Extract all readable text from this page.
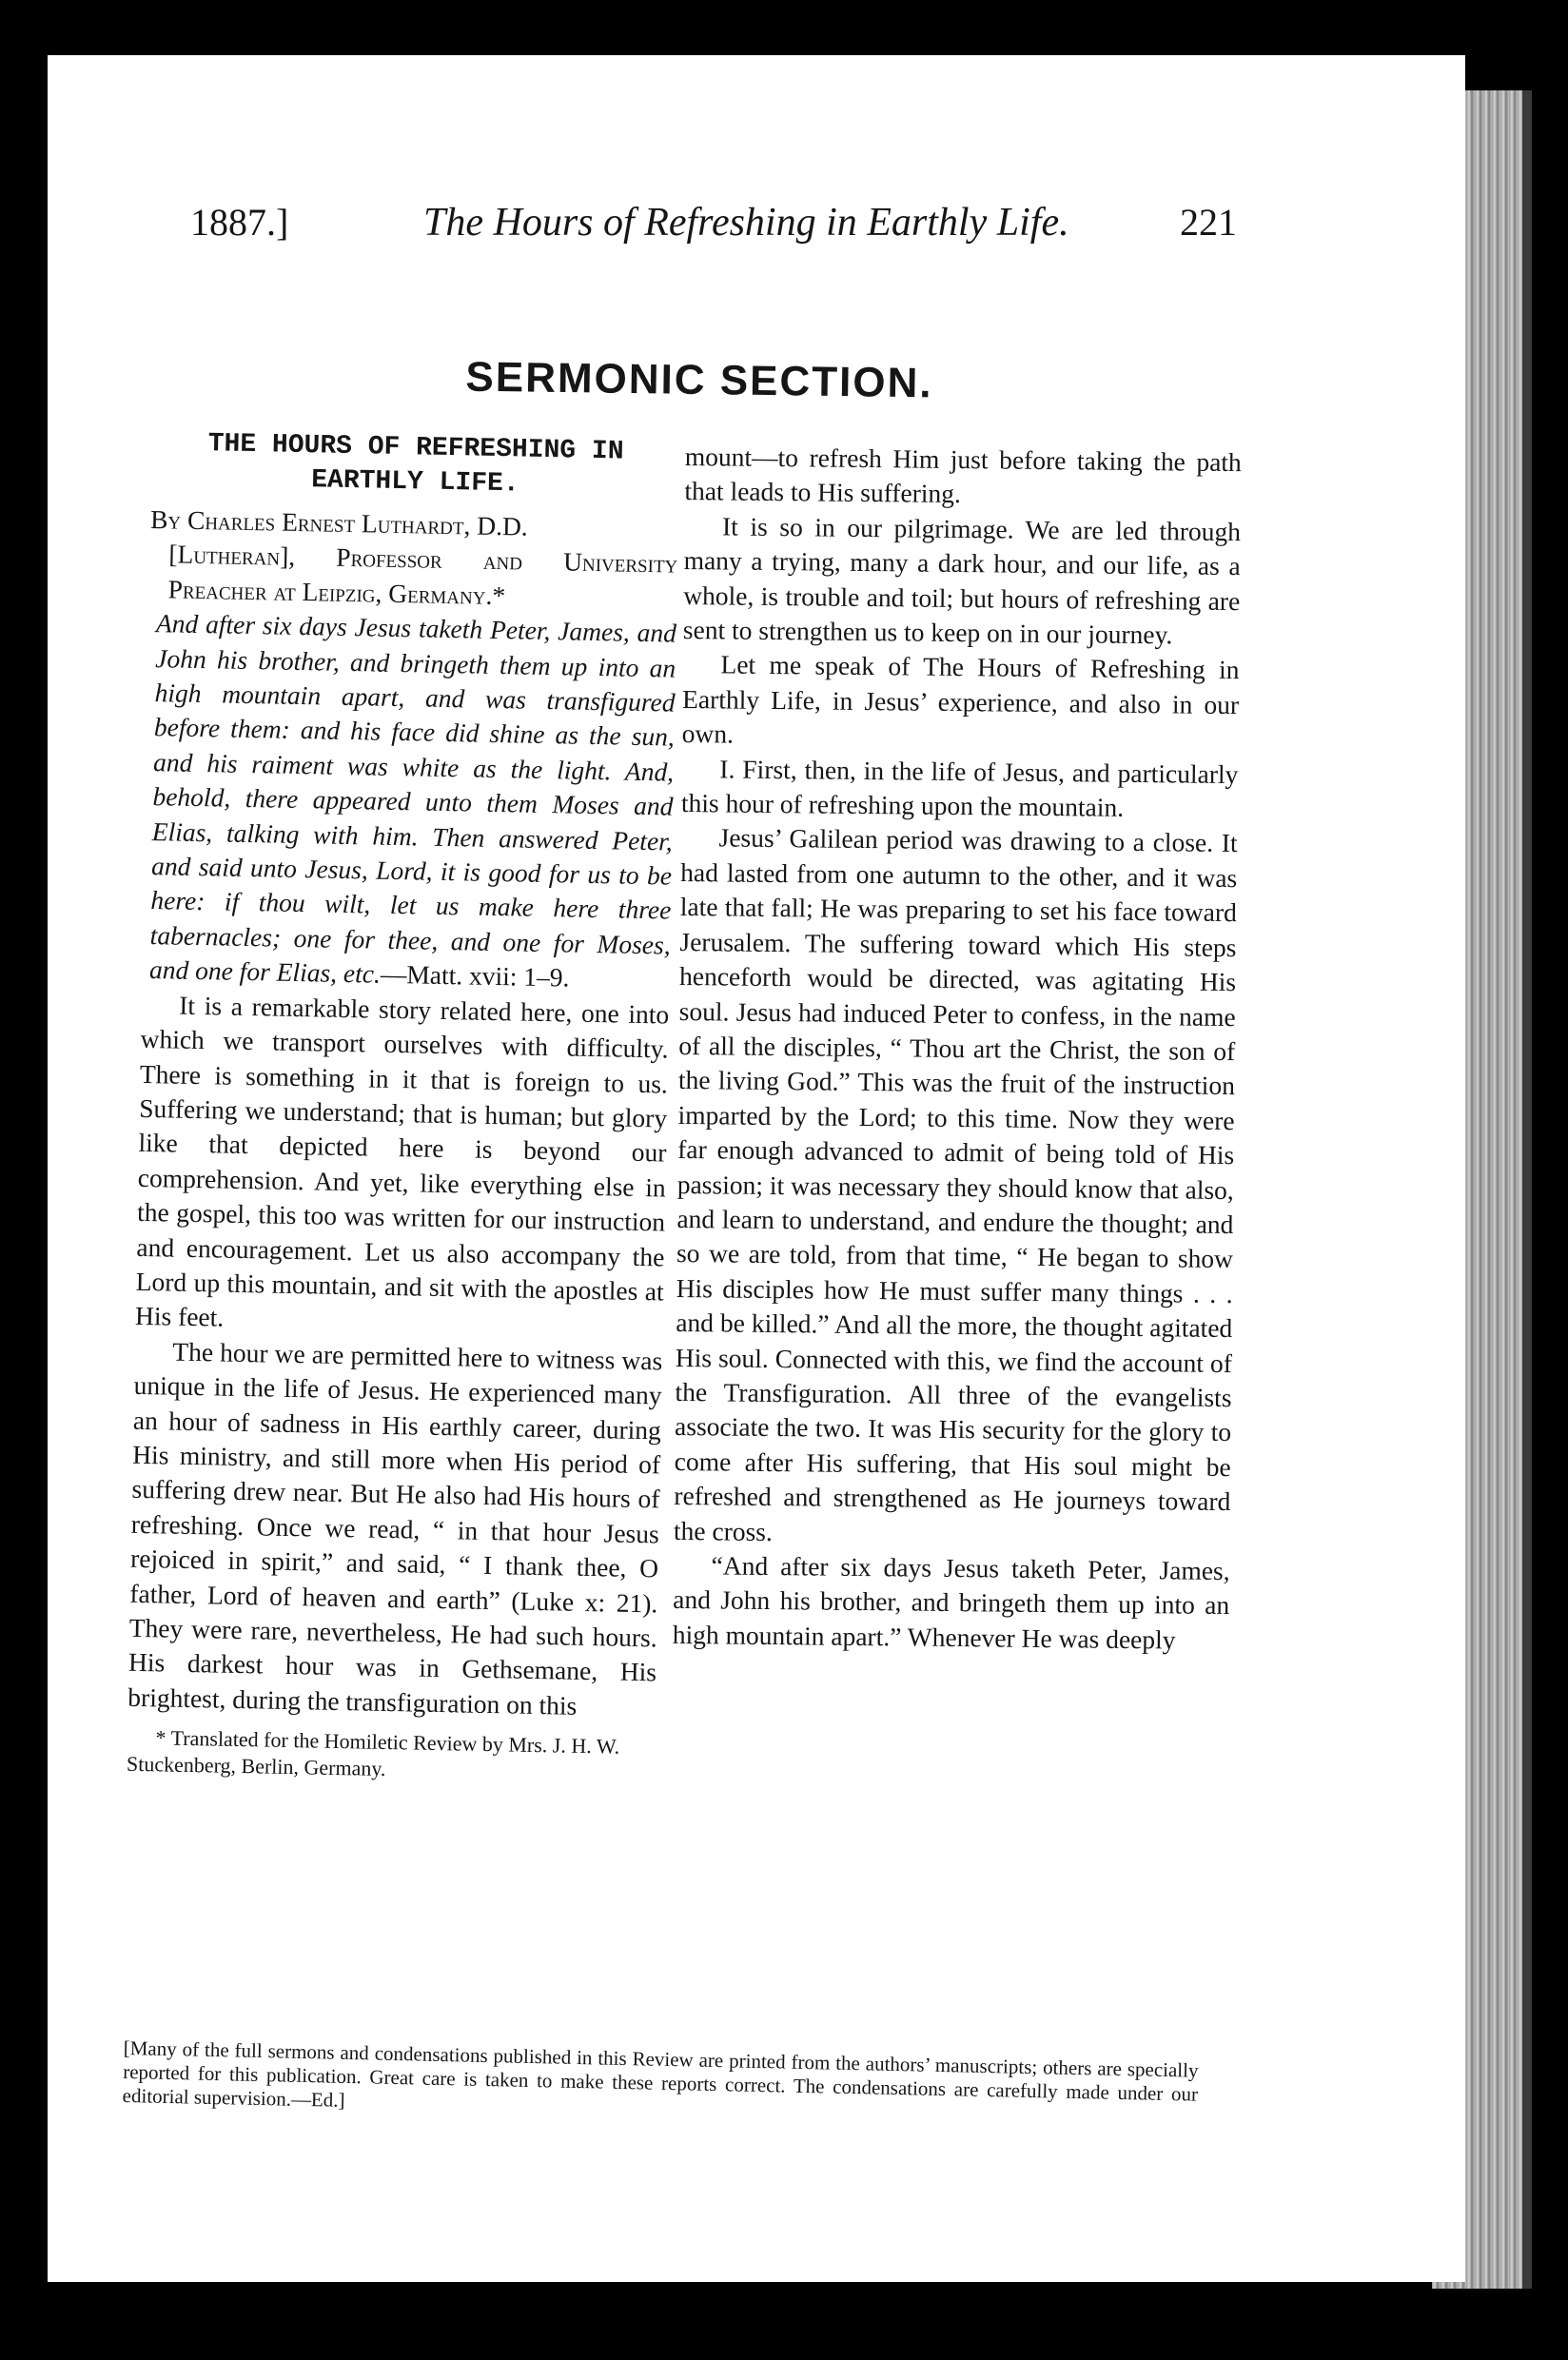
1887.]	The Hours of Refreshing in Earthly Life.	221
SERMONIC SECTION.
THE HOURS OF REFRESHING IN EARTHLY LIFE.

By Charles Ernest Luthardt, D.D.

[Lutheran], Professor and University Preacher at Leipzig, Germany.*

And after six days Jesus taketh Peter, James, and John his brother, and bringeth them up into an high mountain apart, and was transfigured before them: and his face did shine as the sun, and his raiment was white as the light. And, behold, there appeared unto them Moses and Elias, talking with him. Then answered Peter, and said unto Jesus, Lord, it is good for us to be here: if thou wilt, let us make here three tabernacles; one for thee, and one for Moses, and one for Elias, etc.—Matt. xvii: 1–9.

It is a remarkable story related here, one into which we transport ourselves with difficulty. There is something in it that is foreign to us. Suffering we understand; that is human; but glory like that depicted here is beyond our comprehension. And yet, like everything else in the gospel, this too was written for our instruction and encouragement. Let us also accompany the Lord up this mountain, and sit with the apostles at His feet.

The hour we are permitted here to witness was unique in the life of Jesus. He experienced many an hour of sadness in His earthly career, during His ministry, and still more when His period of suffering drew near. But He also had His hours of refreshing. Once we read, “ in that hour Jesus rejoiced in spirit,” and said, “ I thank thee, O father, Lord of heaven and earth” (Luke x: 21). They were rare, nevertheless, He had such hours. His darkest hour was in Gethsemane, His brightest, during the transfiguration on this

* Translated for the Homiletic Review by Mrs. J. H. W. Stuckenberg, Berlin, Germany.

mount—to refresh Him just before taking the path that leads to His suffering.

It is so in our pilgrimage. We are led through many a trying, many a dark hour, and our life, as a whole, is trouble and toil; but hours of refreshing are sent to strengthen us to keep on in our journey.

Let me speak of The Hours of Refreshing in Earthly Life, in Jesus’ experience, and also in our own.

I. First, then, in the life of Jesus, and particularly this hour of refreshing upon the mountain.

Jesus’ Galilean period was drawing to a close. It had lasted from one autumn to the other, and it was late that fall; He was preparing to set his face toward Jerusalem. The suffering toward which His steps henceforth would be directed, was agitating His soul. Jesus had induced Peter to confess, in the name of all the disciples, “ Thou art the Christ, the son of the living God.” This was the fruit of the instruction imparted by the Lord; to this time. Now they were far enough advanced to admit of being told of His passion; it was necessary they should know that also, and learn to understand, and endure the thought; and so we are told, from that time, “ He began to show His disciples how He must suffer many things . . . and be killed.” And all the more, the thought agitated His soul. Connected with this, we find the account of the Transfiguration. All three of the evangelists associate the two. It was His security for the glory to come after His suffering, that His soul might be refreshed and strengthened as He journeys toward the cross.

“And after six days Jesus taketh Peter, James, and John his brother, and bringeth them up into an high mountain apart.” Whenever He was deeply

[Many of the full sermons and condensations published in this Review are printed from the authors’ manuscripts; others are specially reported for this publication. Great care is taken to make these reports correct. The condensations are carefully made under our editorial supervision.—Ed.]
